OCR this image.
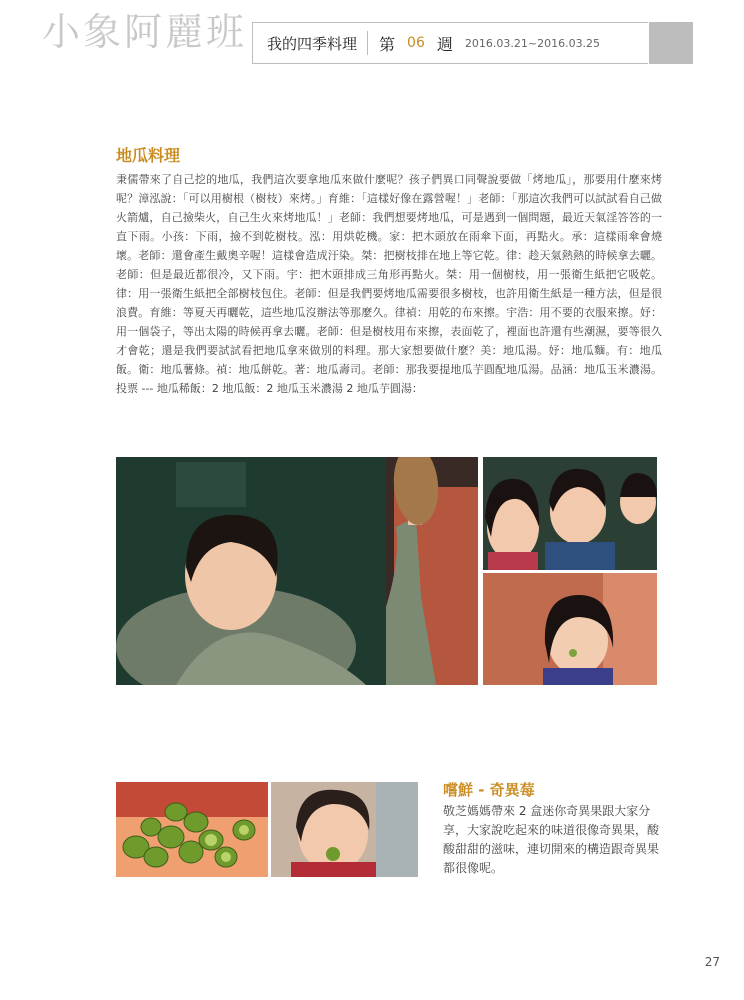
小象阿麗班 我的四季料理 第 06 週 2016.03.21~2016.03.25
地瓜料理
秉儒帶來了自己挖的地瓜，我們這次要拿地瓜來做什麼呢？孩子們異口同聲說要做「烤地瓜」，那要用什麼來烤呢？漳泓說：「可以用樹根（樹枝）來烤。」育維：「這樣好像在露營喔！」老師：「那這次我們可以試試看自己做火箭爐，自己撿柴火，自己生火來烤地瓜！」老師：我們想要烤地瓜，可是遇到一個問題，最近天氣淫答答的一直下雨。小孩：下雨，撿不到乾樹枝。泓：用烘乾機。家：把木頭放在雨傘下面，再點火。承：這樣雨傘會燒壞。老師：還會產生戴奧辛喔！這樣會造成汙染。桀：把樹枝排在地上等它乾。律：趁天氣熱熱的時候拿去曬。老師：但是最近都很冷，又下雨。宇：把木頭排成三角形再點火。桀：用一個樹枝，用一張衛生紙把它吸乾。律：用一張衛生紙把全部樹枝包住。老師：但是我們要烤地瓜需要很多樹枝，也許用衛生紙是一種方法，但是很浪費。育維：等夏天再曬乾，這些地瓜沒辦法等那麼久。律禎：用乾的布來擦。宇浩：用不要的衣服來擦。妤：用一個袋子，等出太陽的時候再拿去曬。老師：但是樹枝用布來擦，表面乾了，裡面也許還有些潮濕，要等很久才會乾；還是我們要試試看把地瓜拿來做別的料理。那大家想要做什麼？美：地瓜湯。妤：地瓜麵。有：地瓜飯。衛：地瓜薯條。禎：地瓜餅乾。著：地瓜壽司。老師：那我要提地瓜芋圓配地瓜湯。品涵：地瓜玉米濃湯。投票 --- 地瓜稀飯：2 地瓜飯：2 地瓜玉米濃湯 2 地瓜芋圓湯：
嚐鮮 - 奇異莓
敬芝媽媽帶來 2 盒迷你奇異果跟大家分享，大家說吃起來的味道很像奇異果，酸酸甜甜的滋味，連切開來的構造跟奇異果都很像呢。
27
